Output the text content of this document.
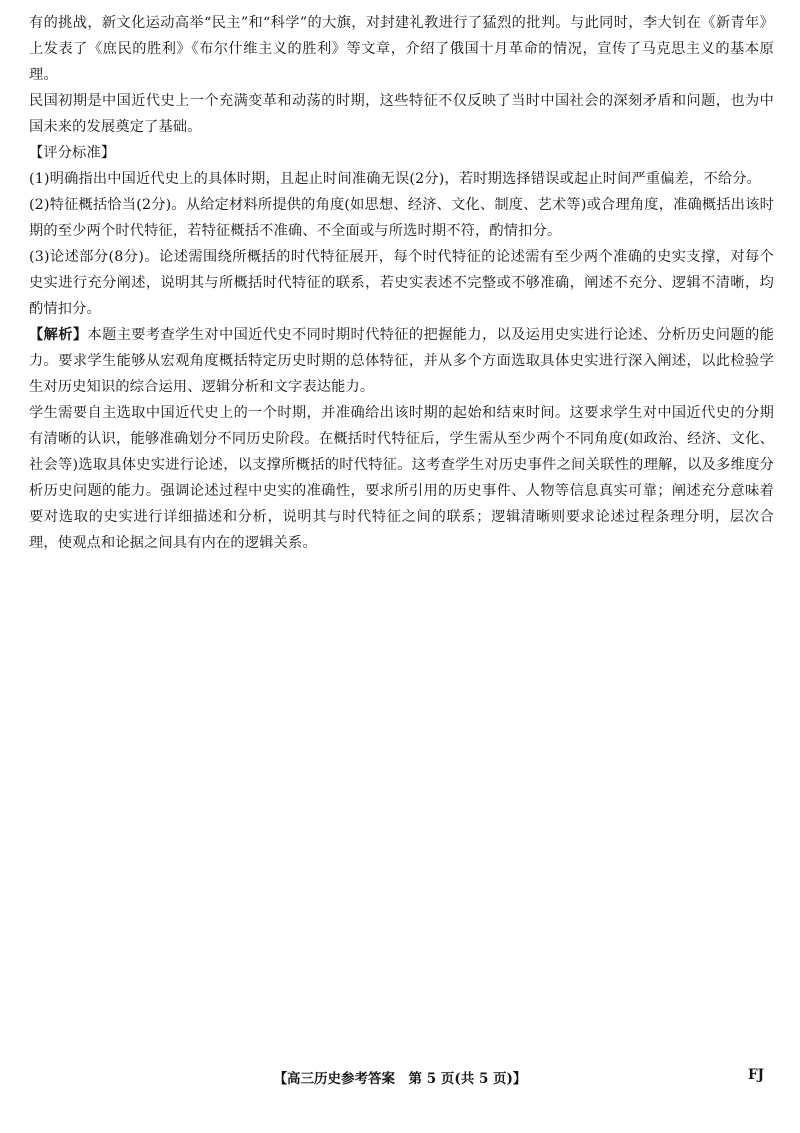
有的挑战，新文化运动高举“民主”和“科学”的大旗，对封建礼教进行了猛烈的批判。与此同时，李大钊在《新青年》上发表了《庶民的胜利》《布尔什维主义的胜利》等文章，介绍了俄国十月革命的情况，宣传了马克思主义的基本原理。

民国初期是中国近代史上一个充满变革和动荡的时期，这些特征不仅反映了当时中国社会的深刻矛盾和问题，也为中国未来的发展奠定了基础。

【评分标准】

(1)明确指出中国近代史上的具体时期，且起止时间准确无误(2分)，若时期选择错误或起止时间严重偏差，不给分。

(2)特征概括恰当(2分)。从给定材料所提供的角度(如思想、经济、文化、制度、艺术等)或合理角度，准确概括出该时期的至少两个时代特征，若特征概括不准确、不全面或与所选时期不符，酌情扣分。

(3)论述部分(8分)。论述需围绕所概括的时代特征展开，每个时代特征的论述需有至少两个准确的史实支撑，对每个史实进行充分阐述，说明其与所概括时代特征的联系，若史实表述不完整或不够准确，阐述不充分、逻辑不清晰，均酌情扣分。

【解析】本题主要考查学生对中国近代史不同时期时代特征的把握能力，以及运用史实进行论述、分析历史问题的能力。要求学生能够从宏观角度概括特定历史时期的总体特征，并从多个方面选取具体史实进行深入阐述，以此检验学生对历史知识的综合运用、逻辑分析和文字表达能力。

学生需要自主选取中国近代史上的一个时期，并准确给出该时期的起始和结束时间。这要求学生对中国近代史的分期有清晰的认识，能够准确划分不同历史阶段。在概括时代特征后，学生需从至少两个不同角度(如政治、经济、文化、社会等)选取具体史实进行论述，以支撑所概括的时代特征。这考查学生对历史事件之间关联性的理解，以及多维度分析历史问题的能力。强调论述过程中史实的准确性，要求所引用的历史事件、人物等信息真实可靠；阐述充分意味着要对选取的史实进行详细描述和分析，说明其与时代特征之间的联系；逻辑清晰则要求论述过程条理分明，层次合理，使观点和论据之间具有内在的逻辑关系。

【高三历史参考答案　第 5 页(共 5 页)】	FJ
